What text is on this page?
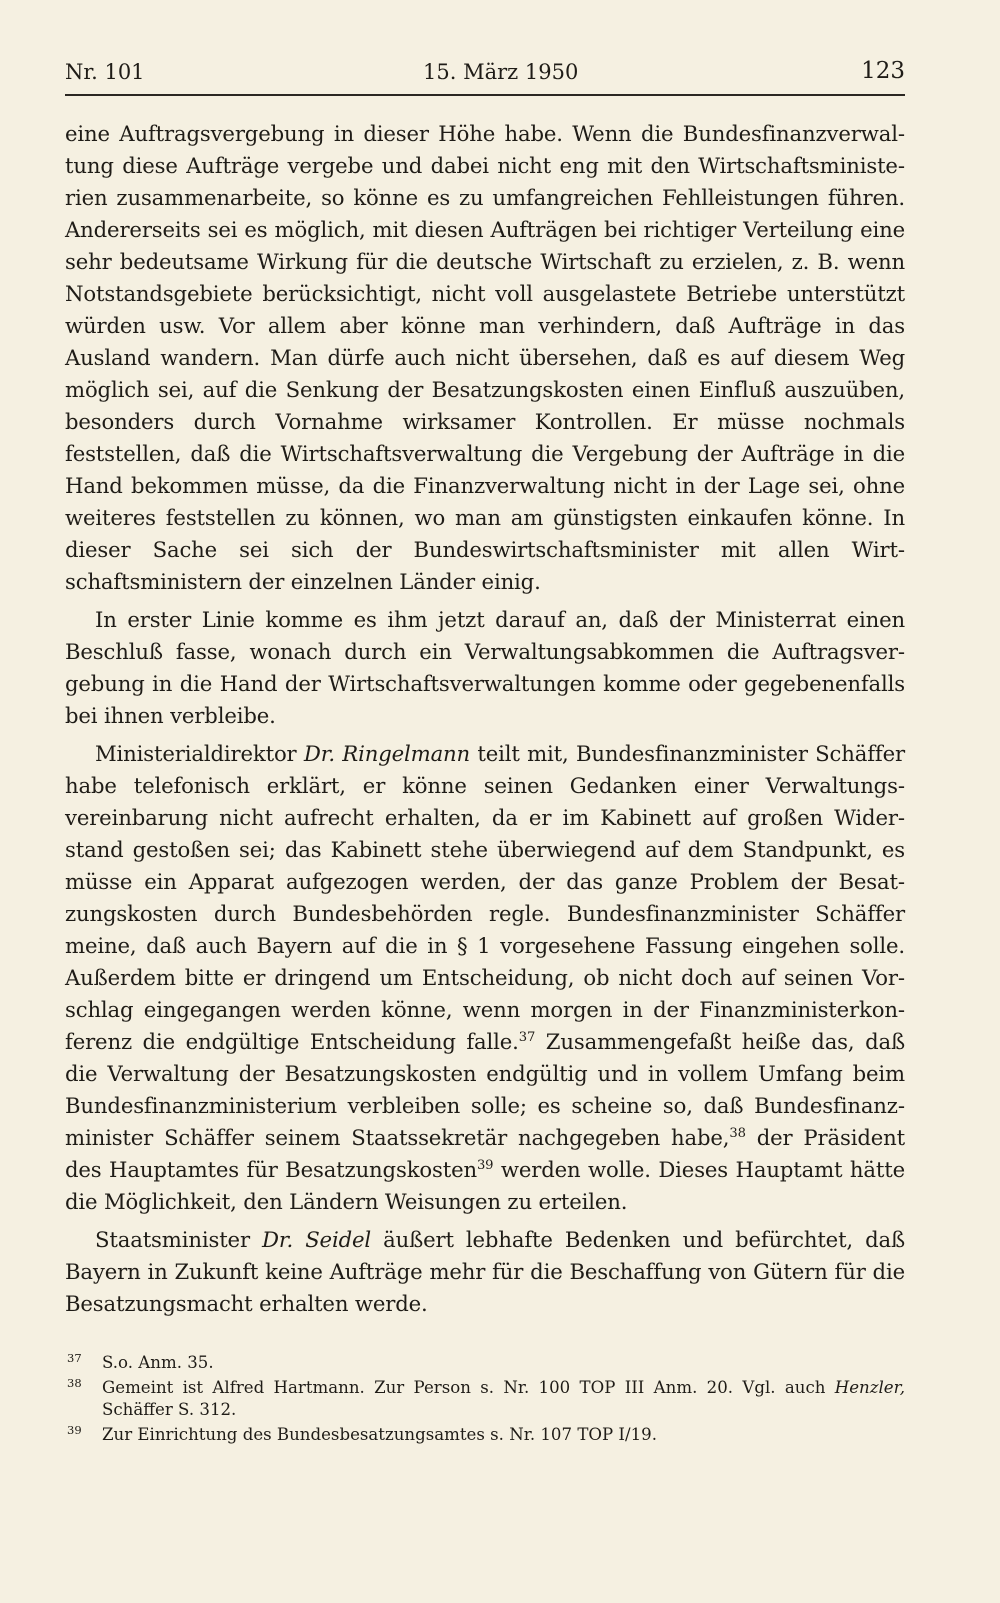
Nr. 101	15. März 1950	123

eine Auftragsvergebung in dieser Höhe habe. Wenn die Bundesfinanzverwaltung diese Aufträge vergebe und dabei nicht eng mit den Wirtschaftsministerien zusammenarbeite, so könne es zu umfangreichen Fehlleistungen führen. Andererseits sei es möglich, mit diesen Aufträgen bei richtiger Verteilung eine sehr bedeutsame Wirkung für die deutsche Wirtschaft zu erzielen, z. B. wenn Notstandsgebiete berücksichtigt, nicht voll ausgelastete Betriebe unterstützt würden usw. Vor allem aber könne man verhindern, daß Aufträge in das Ausland wandern. Man dürfe auch nicht übersehen, daß es auf diesem Weg möglich sei, auf die Senkung der Besatzungskosten einen Einfluß auszuüben, besonders durch Vornahme wirksamer Kontrollen. Er müsse nochmals feststellen, daß die Wirtschaftsverwaltung die Vergebung der Aufträge in die Hand bekommen müsse, da die Finanzverwaltung nicht in der Lage sei, ohne weiteres feststellen zu können, wo man am günstigsten einkaufen könne. In dieser Sache sei sich der Bundeswirtschaftsminister mit allen Wirtschaftsministern der einzelnen Länder einig.

In erster Linie komme es ihm jetzt darauf an, daß der Ministerrat einen Beschluß fasse, wonach durch ein Verwaltungsabkommen die Auftragsvergebung in die Hand der Wirtschaftsverwaltungen komme oder gegebenenfalls bei ihnen verbleibe.

Ministerialdirektor Dr. Ringelmann teilt mit, Bundesfinanzminister Schäffer habe telefonisch erklärt, er könne seinen Gedanken einer Verwaltungsvereinbarung nicht aufrecht erhalten, da er im Kabinett auf großen Widerstand gestoßen sei; das Kabinett stehe überwiegend auf dem Standpunkt, es müsse ein Apparat aufgezogen werden, der das ganze Problem der Besatzungskosten durch Bundesbehörden regle. Bundesfinanzminister Schäffer meine, daß auch Bayern auf die in § 1 vorgesehene Fassung eingehen solle. Außerdem bitte er dringend um Entscheidung, ob nicht doch auf seinen Vorschlag eingegangen werden könne, wenn morgen in der Finanzministerkonferenz die endgültige Entscheidung falle.$^{37}$ Zusammengefaßt heiße das, daß die Verwaltung der Besatzungskosten endgültig und in vollem Umfang beim Bundesfinanzministerium verbleiben solle; es scheine so, daß Bundesfinanzminister Schäffer seinem Staatssekretär nachgegeben habe,$^{38}$ der Präsident des Hauptamtes für Besatzungskosten$^{39}$ werden wolle. Dieses Hauptamt hätte die Möglichkeit, den Ländern Weisungen zu erteilen.

Staatsminister Dr. Seidel äußert lebhafte Bedenken und befürchtet, daß Bayern in Zukunft keine Aufträge mehr für die Beschaffung von Gütern für die Besatzungsmacht erhalten werde.

37 S.o. Anm. 35.
38 Gemeint ist Alfred Hartmann. Zur Person s. Nr. 100 TOP III Anm. 20. Vgl. auch Henzler, Schäffer S. 312.
39 Zur Einrichtung des Bundesbesatzungsamtes s. Nr. 107 TOP I/19.
